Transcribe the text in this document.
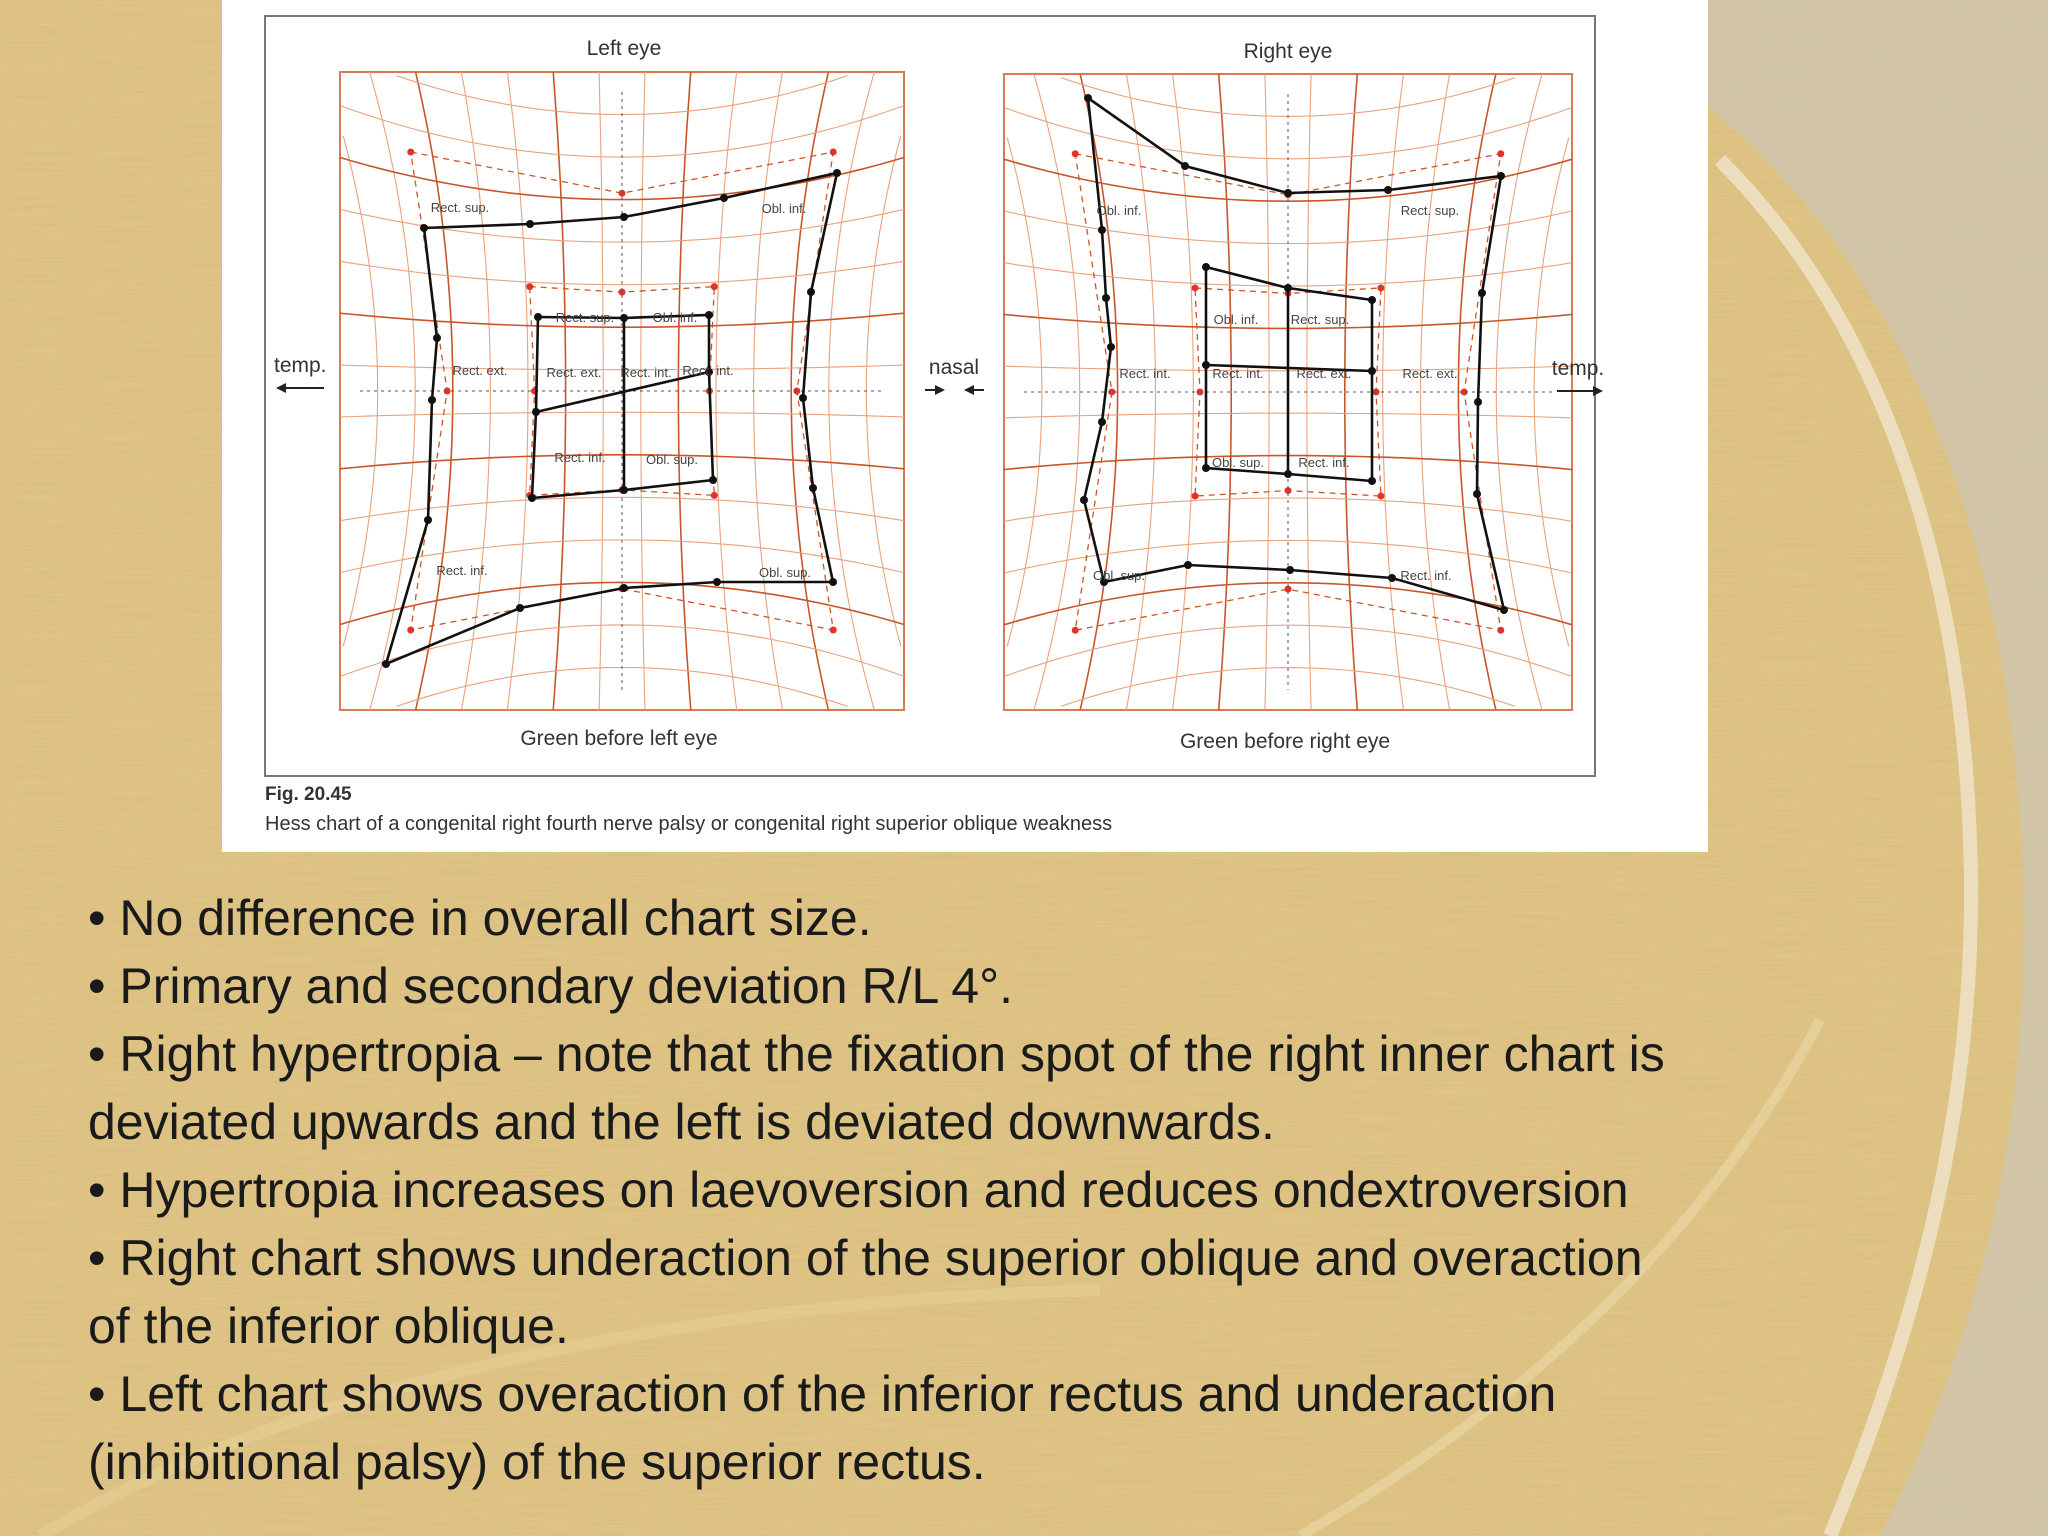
Rect. sup.	Obl. inf.
Rect. ext.	Rect. int.
Rect. inf.	Obl. sup.
Rect. sup.	Obl. inf.
Rect. ext. Rect. int.
Rect. inf.	Obl. sup.
Obl. inf.	Rect. sup.
Rect. int.	Rect. ext.
Obl. sup.	Rect. inf.
Obl. inf. Rect. sup.
Rect. int.	Rect. ext.
Obl. sup.	Rect. inf.
Left eye	Right eye
Green before left eye	Green before right eye
temp.	nasal	temp.
Fig. 20.45
Hess chart of a congenital right fourth nerve palsy or congenital right superior oblique weakness
• No difference in overall chart size.
• Primary and secondary deviation R/L 4°.
• Right hypertropia – note that the fixation spot of the right inner chart is
deviated upwards and the left is deviated downwards.
• Hypertropia increases on laevoversion and reduces ondextroversion
• Right chart shows underaction of the superior oblique and overaction
of the inferior oblique.
• Left chart shows overaction of the inferior rectus and underaction
(inhibitional palsy) of the superior rectus.
